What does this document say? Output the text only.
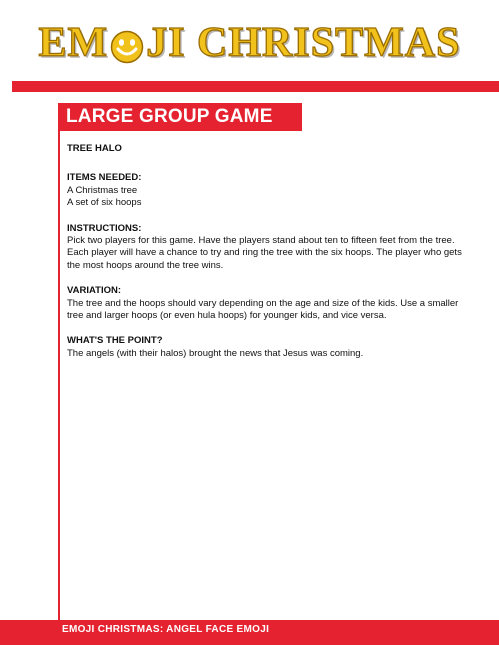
EM JI CHRISTMAS
LARGE GROUP GAME
TREE HALO
ITEMS NEEDED:

A Christmas tree

A set of six hoops

INSTRUCTIONS:

Pick two players for this game. Have the players stand about ten to fifteen feet from the tree. Each player will have a chance to try and ring the tree with the six hoops. The player who gets the most hoops around the tree wins.

VARIATION:

The tree and the hoops should vary depending on the age and size of the kids. Use a smaller tree and larger hoops (or even hula hoops) for younger kids, and vice versa.

WHAT'S THE POINT?

The angels (with their halos) brought the news that Jesus was coming.

EMOJI CHRISTMAS: ANGEL FACE EMOJI
